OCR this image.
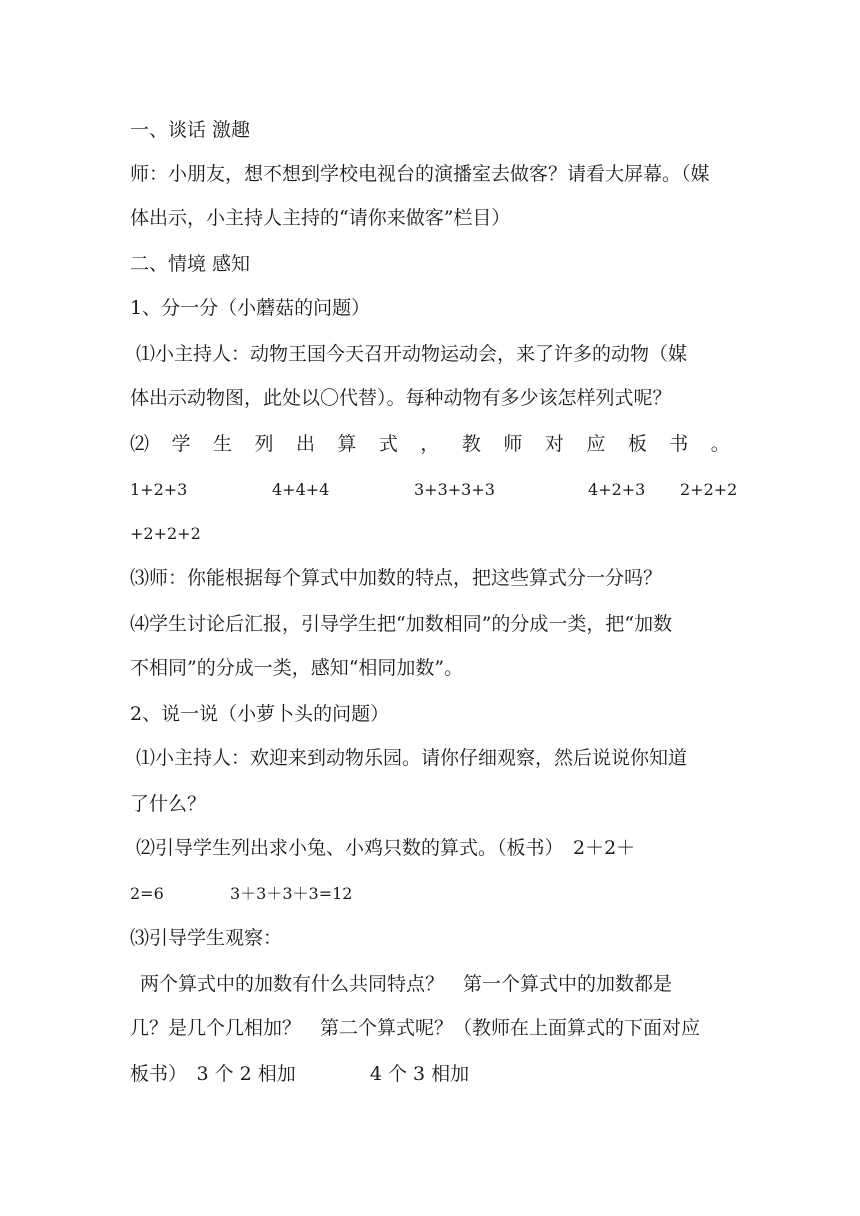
一、谈话 激趣
师：小朋友，想不想到学校电视台的演播室去做客？请看大屏幕。（媒
体出示，小主持人主持的“请你来做客”栏目）
二、情境 感知
1、分一分（小蘑菇的问题）
⑴小主持人：动物王国今天召开动物运动会，来了许多的动物（媒
体出示动物图，此处以〇代替）。每种动物有多少该怎样列式呢？
⑵ 学 生 列 出 算 式 ， 教 师 对 应 板 书 。
1+2+3	4+4+4	3+3+3+3	4+2+3 2+2+2
+2+2+2
⑶师：你能根据每个算式中加数的特点，把这些算式分一分吗？
⑷学生讨论后汇报，引导学生把“加数相同”的分成一类，把“加数
不相同”的分成一类，感知“相同加数”。
2、说一说（小萝卜头的问题）
⑴小主持人：欢迎来到动物乐园。请你仔细观察，然后说说你知道
了什么？
⑵引导学生列出求小兔、小鸡只数的算式。（板书）　2＋2＋
2=6	3＋3＋3＋3=12
⑶引导学生观察：
两个算式中的加数有什么共同特点？　第一个算式中的加数都是
几？是几个几相加？　第二个算式呢？（教师在上面算式的下面对应
板书）　3 个 2 相加	4 个 3 相加
